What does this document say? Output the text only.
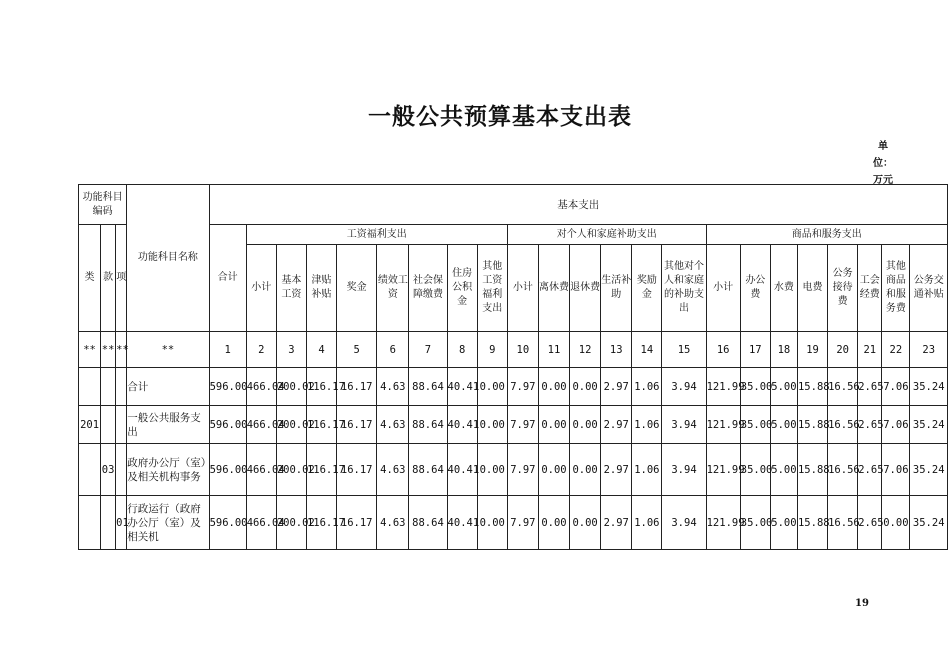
一般公共预算基本支出表
单位：万元
功能科目编码			功能科目名称	基本支出																						
类	款	项		合计	工资福利支出								对个人和家庭补助支出						商品和服务支出							
					小计	基本工资	津贴补贴	奖金	绩效工资	社会保障缴费	住房公积金	其他工资福利支出	小计	离休费	退休费	生活补助	奖励金	其他对个人和家庭的补助支出	小计	办公费	水费	电费	公务接待费	工会经费	其他商品和服务费	公务交通补贴
**	**	**	**	1	2	3	4	5	6	7	8	9	10	11	12	13	14	15	16	17	18	19	20	21	22	23
			合计	596.00	466.04	200.02	116.17	16.17	4.63	88.64	40.41	0.00	7.97	0.00	0.00	2.97	1.06	3.94	121.99	35.00	5.00	15.88	16.56	2.65	7.06	35.24
201			一般公共服务支出	596.00	466.04	200.02	116.17	16.17	4.63	88.64	40.41	0.00	7.97	0.00	0.00	2.97	1.06	3.94	121.99	35.00	5.00	15.88	16.56	2.65	7.06	35.24
	03		政府办公厅（室）及相关机构事务	596.00	466.04	200.02	116.17	16.17	4.63	88.64	40.41	0.00	7.97	0.00	0.00	2.97	1.06	3.94	121.99	35.00	5.00	15.88	16.56	2.65	7.06	35.24
		01	行政运行（政府办公厅（室）及相关机	596.00	466.04	200.02	116.17	16.17	4.63	88.64	40.41	0.00	7.97	0.00	0.00	2.97	1.06	3.94	121.99	35.00	5.00	15.88	16.56	2.65	0.00	35.24
19
